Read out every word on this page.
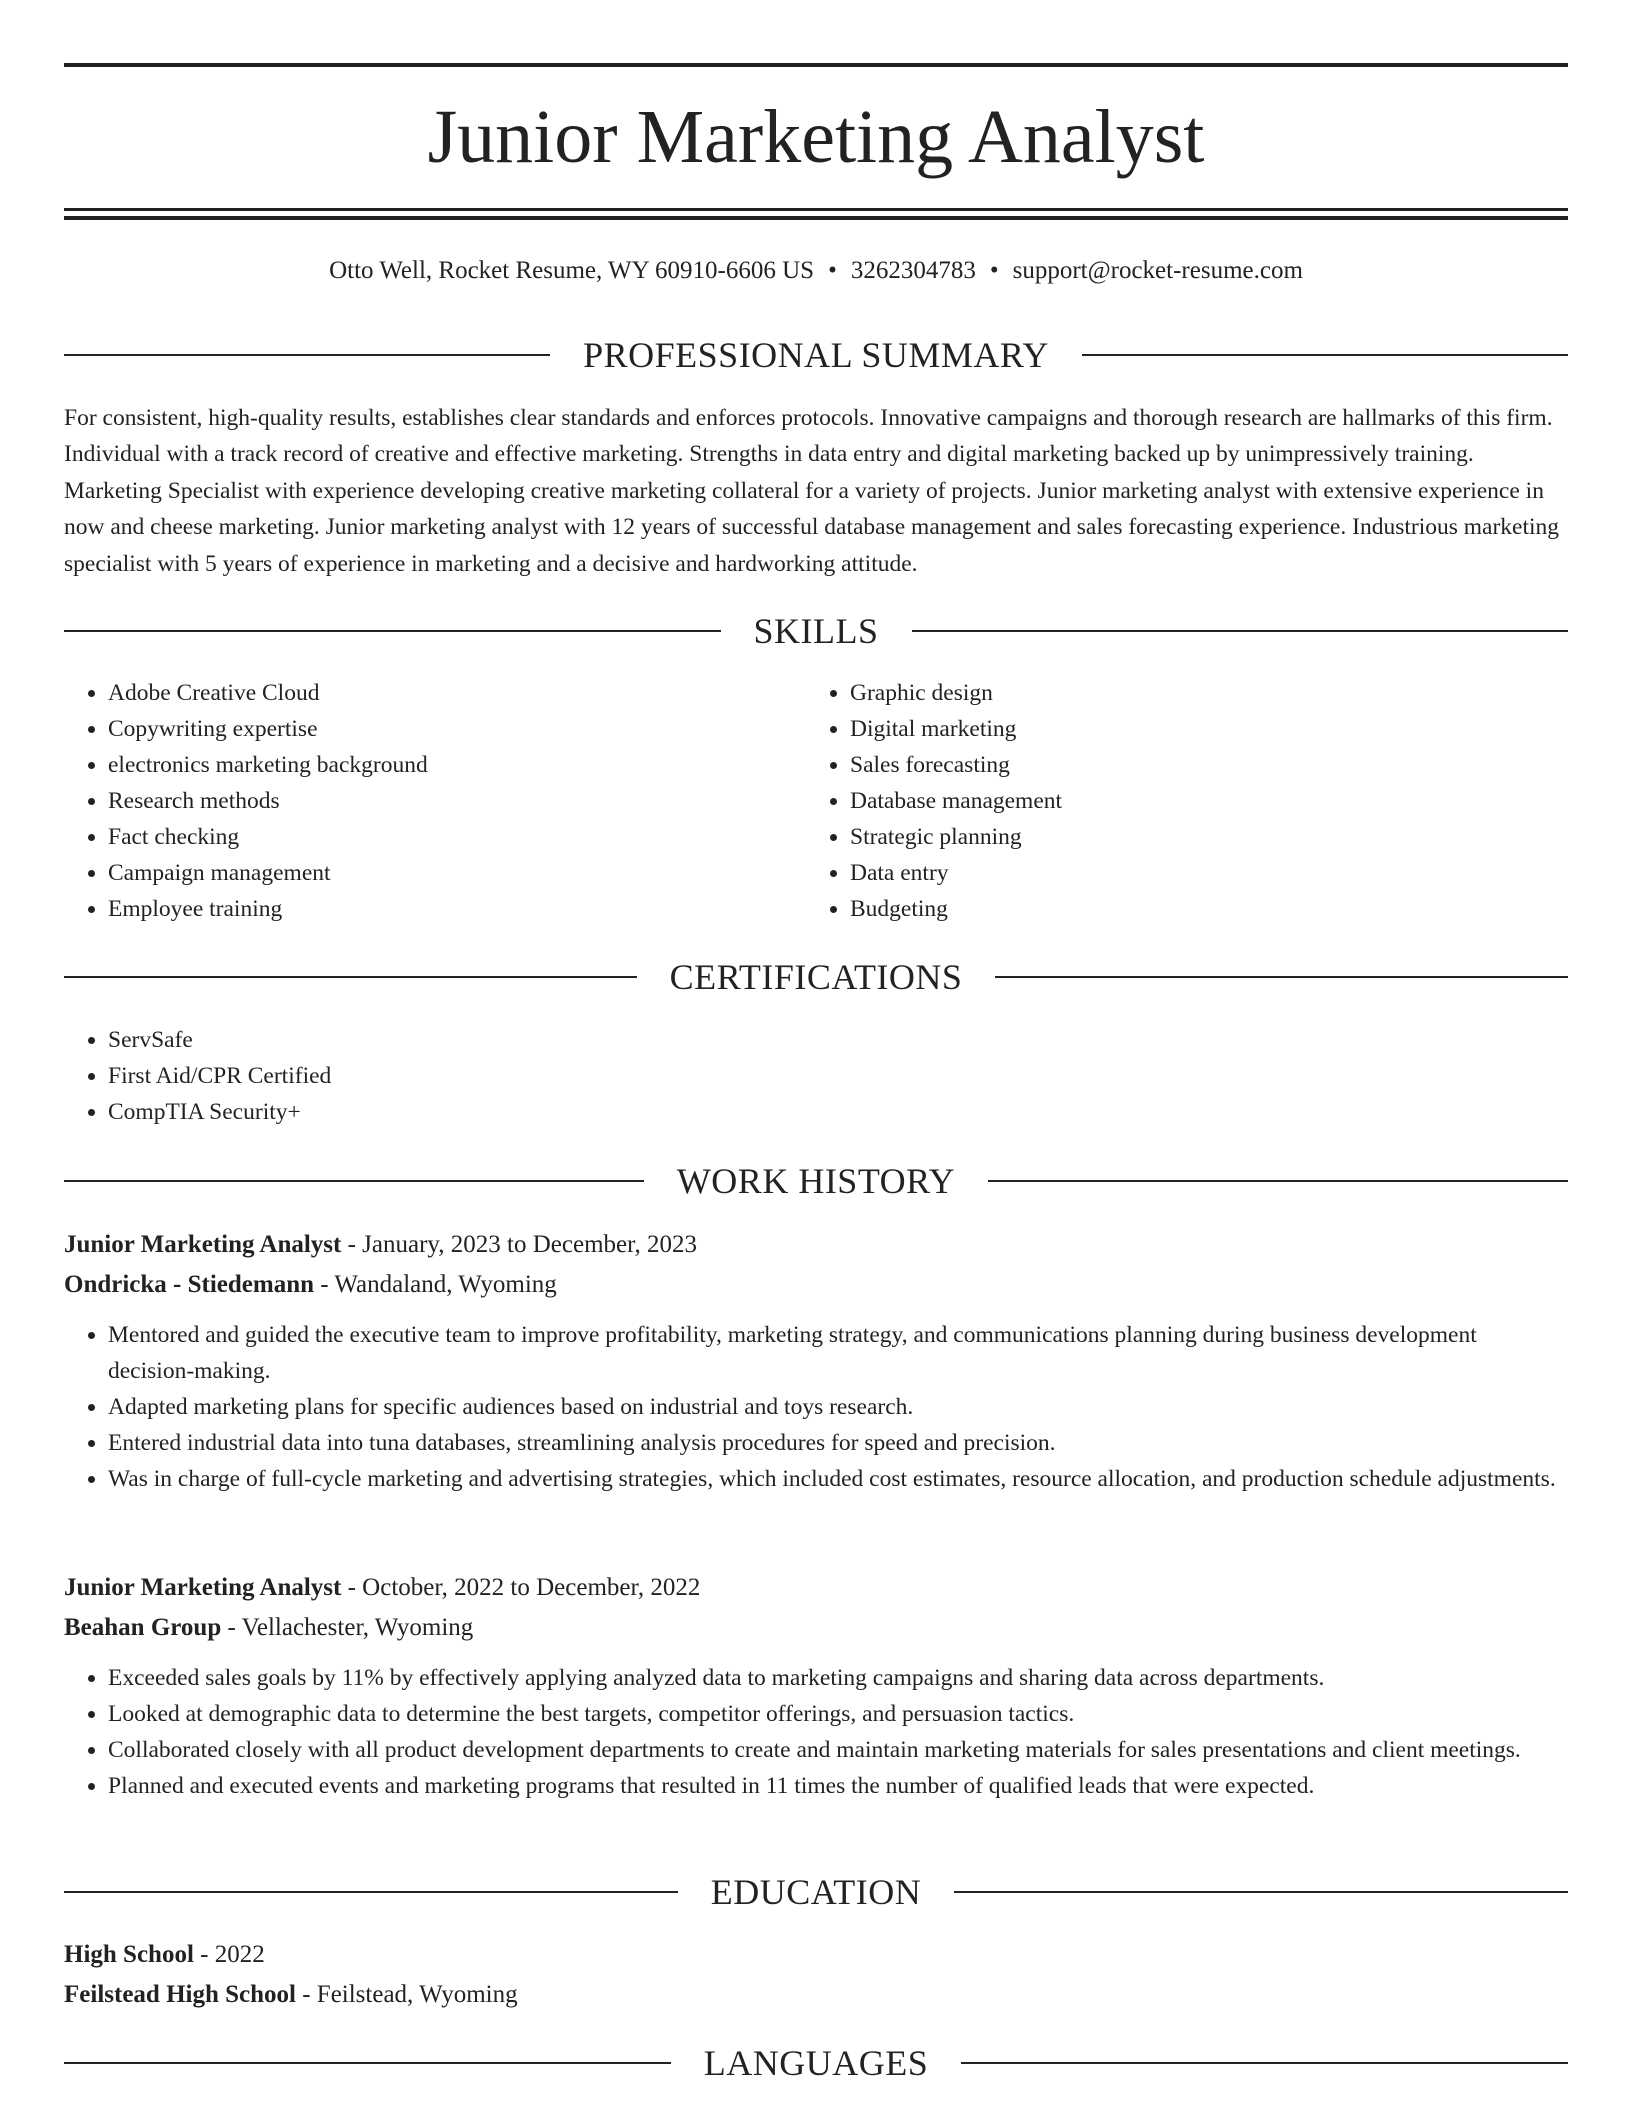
Junior Marketing Analyst
Otto Well, Rocket Resume, WY 60910-6606 US • 3262304783 • support@rocket-resume.com
PROFESSIONAL SUMMARY

For consistent, high-quality results, establishes clear standards and enforces protocols. Innovative campaigns and thorough research are hallmarks of this firm. Individual with a track record of creative and effective marketing. Strengths in data entry and digital marketing backed up by unimpressively training. Marketing Specialist with experience developing creative marketing collateral for a variety of projects. Junior marketing analyst with extensive experience in now and cheese marketing. Junior marketing analyst with 12 years of successful database management and sales forecasting experience. Industrious marketing specialist with 5 years of experience in marketing and a decisive and hardworking attitude.

SKILLS
• Adobe Creative Cloud
• Copywriting expertise
• electronics marketing background
• Research methods
• Fact checking
• Campaign management
• Employee training
• Graphic design
• Digital marketing
• Sales forecasting
• Database management
• Strategic planning
• Data entry
• Budgeting
CERTIFICATIONS
• ServSafe
• First Aid/CPR Certified
• CompTIA Security+
WORK HISTORY
Junior Marketing Analyst - January, 2023 to December, 2023
Ondricka - Stiedemann - Wandaland, Wyoming
• Mentored and guided the executive team to improve profitability, marketing strategy, and communications planning during business development decision-making.
• Adapted marketing plans for specific audiences based on industrial and toys research.
• Entered industrial data into tuna databases, streamlining analysis procedures for speed and precision.
• Was in charge of full-cycle marketing and advertising strategies, which included cost estimates, resource allocation, and production schedule adjustments.
Junior Marketing Analyst - October, 2022 to December, 2022
Beahan Group - Vellachester, Wyoming
• Exceeded sales goals by 11% by effectively applying analyzed data to marketing campaigns and sharing data across departments.
• Looked at demographic data to determine the best targets, competitor offerings, and persuasion tactics.
• Collaborated closely with all product development departments to create and maintain marketing materials for sales presentations and client meetings.
• Planned and executed events and marketing programs that resulted in 11 times the number of qualified leads that were expected.
EDUCATION
High School - 2022
Feilstead High School - Feilstead, Wyoming
LANGUAGES
